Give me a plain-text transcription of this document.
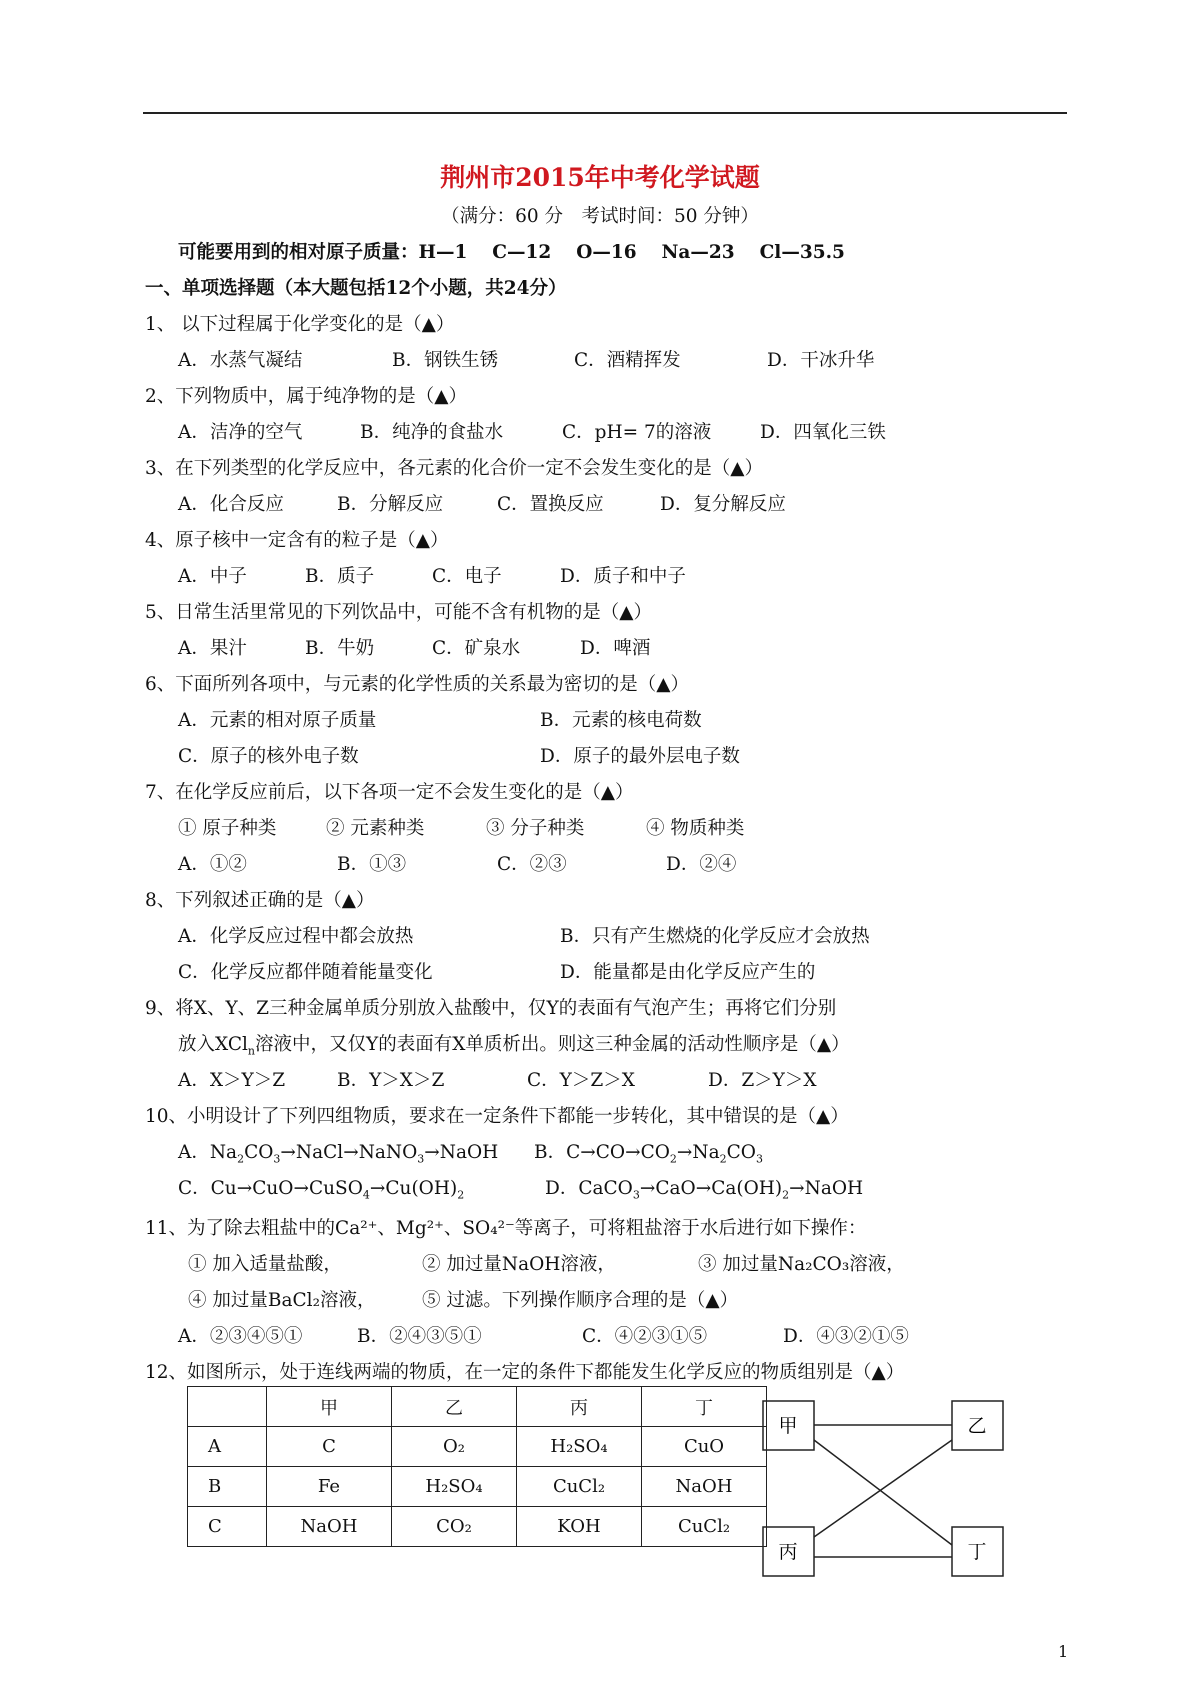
荆州市2015年中考化学试题
（满分：60 分　考试时间：50 分钟）
可能要用到的相对原子质量：H—1　 C—12　 O—16　 Na—23　 Cl—35.5
一、单项选择题（本大题包括12个小题，共24分）
1、 以下过程属于化学变化的是（▲）
A．水蒸气凝结	B．钢铁生锈	C．酒精挥发	D．干冰升华
2、下列物质中，属于纯净物的是（▲）
A．洁净的空气	B．纯净的食盐水	C．pH= 7的溶液	D．四氧化三铁
3、在下列类型的化学反应中，各元素的化合价一定不会发生变化的是（▲）
A．化合反应	B．分解反应	C．置换反应	D．复分解反应
4、原子核中一定含有的粒子是（▲）
A．中子	B．质子	C．电子	D．质子和中子
5、日常生活里常见的下列饮品中，可能不含有机物的是（▲）
A．果汁	B．牛奶	C．矿泉水	D．啤酒
6、下面所列各项中，与元素的化学性质的关系最为密切的是（▲）
A．元素的相对原子质量	B．元素的核电荷数
C．原子的核外电子数	D．原子的最外层电子数
7、在化学反应前后，以下各项一定不会发生变化的是（▲）
① 原子种类	② 元素种类	③ 分子种类	④ 物质种类
A．①②	B．①③	C．②③	D．②④
8、下列叙述正确的是（▲）
A．化学反应过程中都会放热	B．只有产生燃烧的化学反应才会放热
C．化学反应都伴随着能量变化	D．能量都是由化学反应产生的
9、将X、Y、Z三种金属单质分别放入盐酸中，仅Y的表面有气泡产生；再将它们分别
放入XCl$_n$溶液中，又仅Y的表面有X单质析出。则这三种金属的活动性顺序是（▲）
A．X＞Y＞Z	B．Y＞X＞Z	C．Y＞Z＞X	D．Z＞Y＞X
10、小明设计了下列四组物质，要求在一定条件下都能一步转化，其中错误的是（▲）
A．$Na_2CO_3\to NaCl\to NaNO_3\to NaOH$ B．$C\to CO\to CO_2\to Na_2CO_3$
C．$Cu\to CuO\to CuSO_4\to Cu(OH)_2$	D．$CaCO_3\to CaO\to Ca(OH)_2\to NaOH$
11、为了除去粗盐中的Ca²⁺、Mg²⁺、SO₄²⁻等离子，可将粗盐溶于水后进行如下操作：
① 加入适量盐酸，	② 加过量NaOH溶液，	③ 加过量Na₂CO₃溶液，
④ 加过量BaCl₂溶液，	⑤ 过滤。下列操作顺序合理的是（▲）
A．②③④⑤①	B．②④③⑤①	C．④②③①⑤	D．④③②①⑤
12、如图所示，处于连线两端的物质，在一定的条件下都能发生化学反应的物质组别是（▲）
	甲	乙	丙	丁
A	C	O₂	H₂SO₄	CuO
B	Fe	H₂SO₄	CuCl₂	NaOH
C	NaOH	CO₂	KOH	CuCl₂
甲	乙
丙	丁
1
